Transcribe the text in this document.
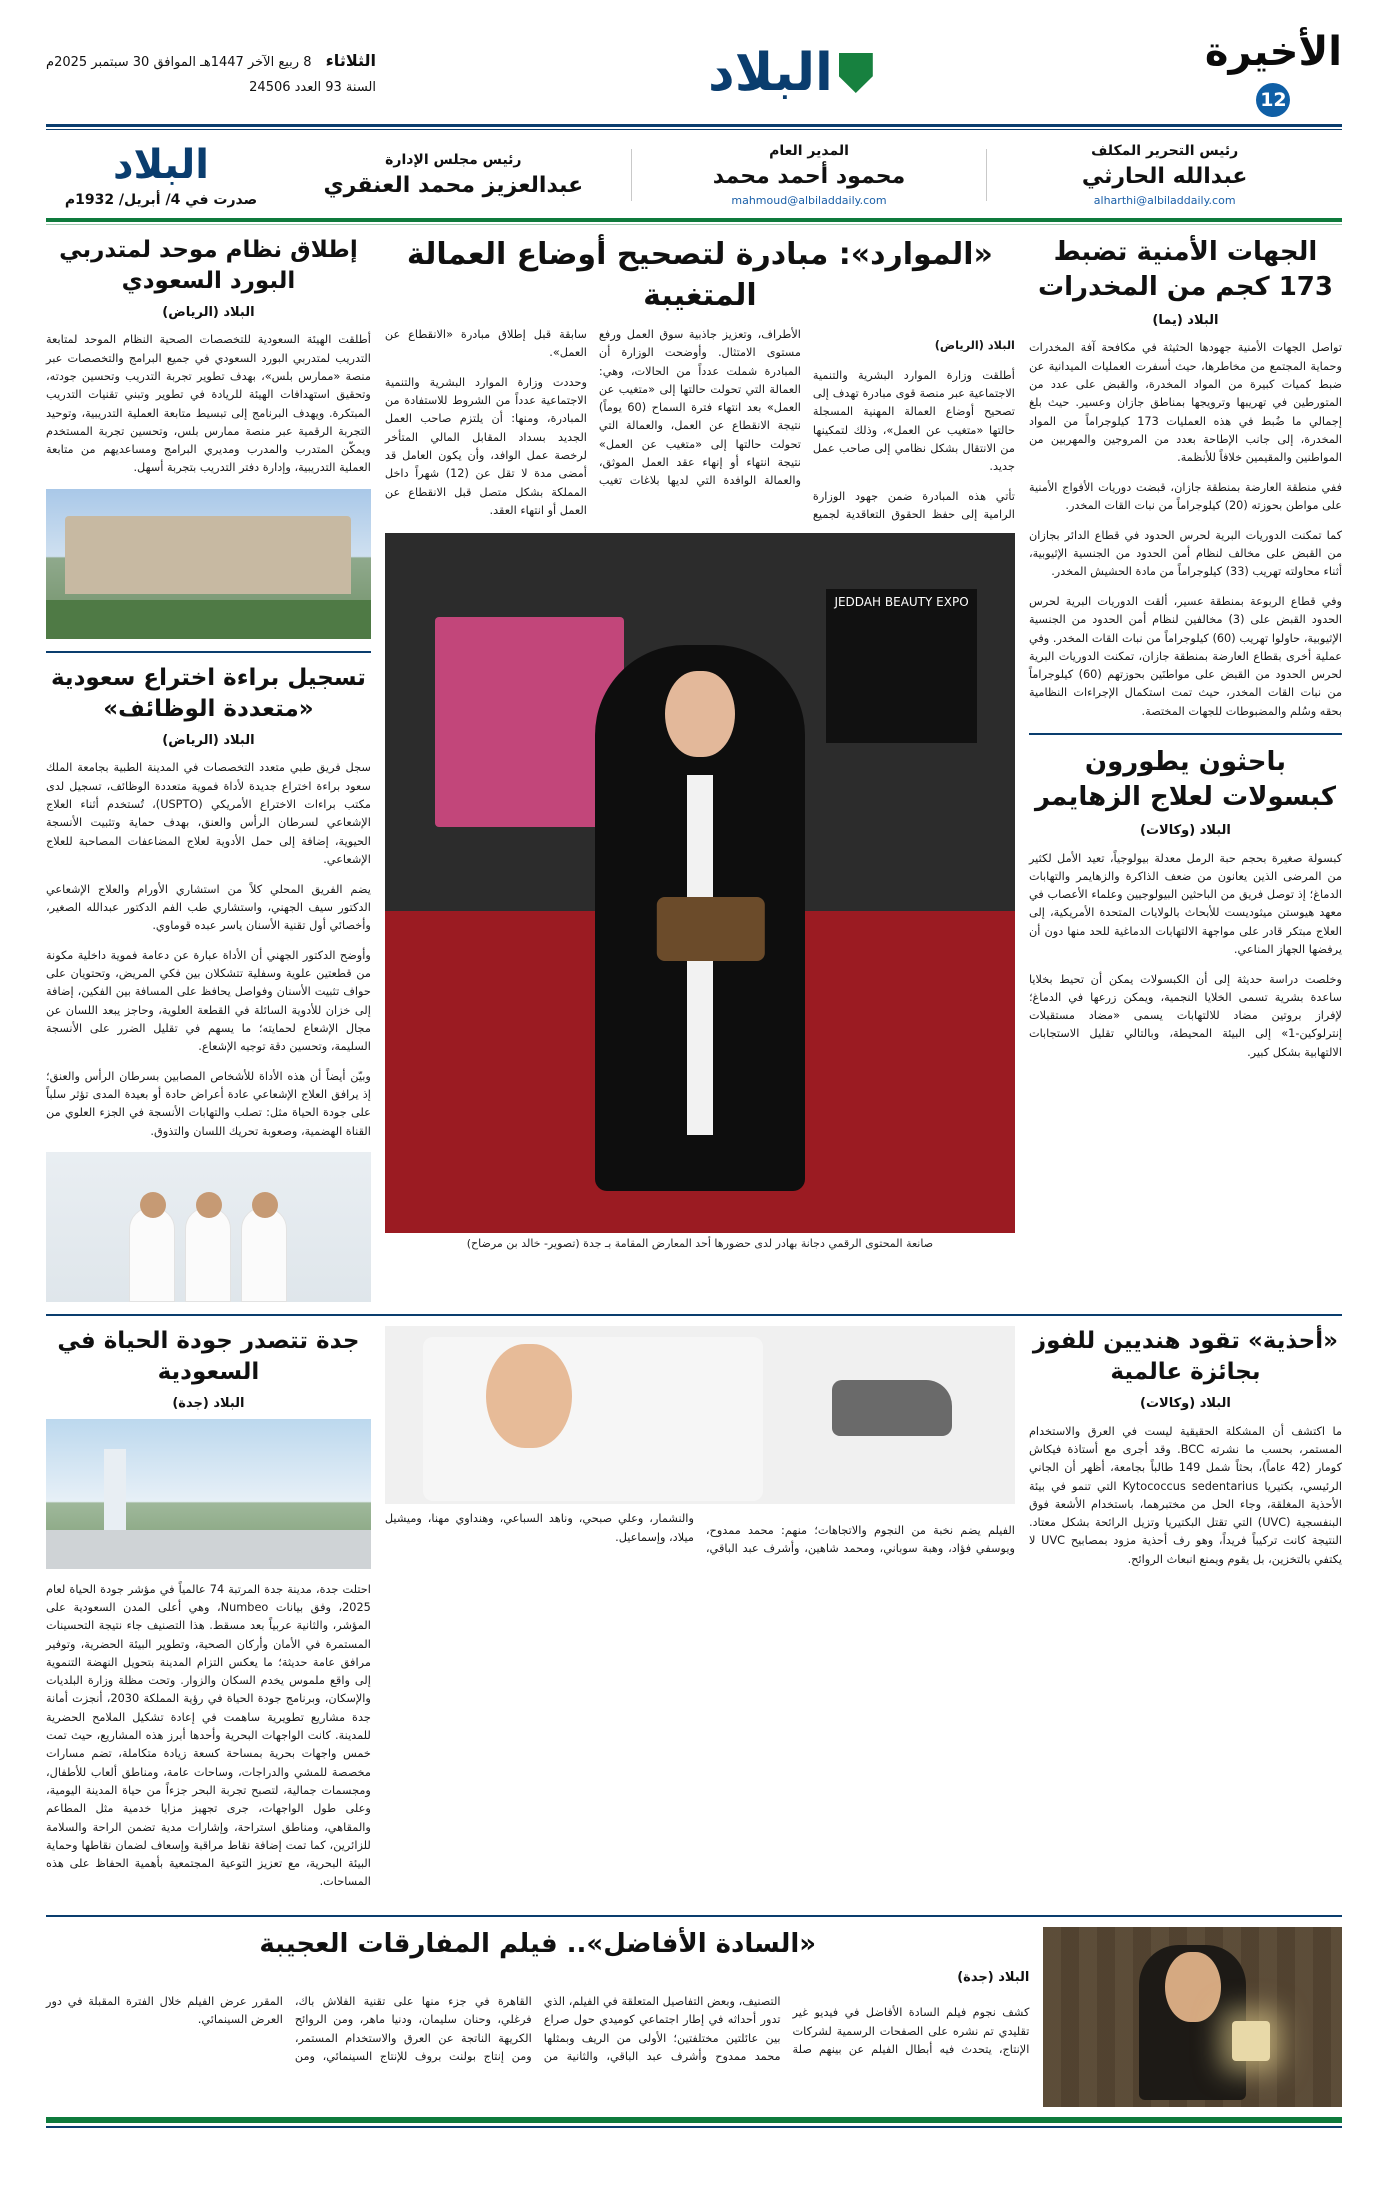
الأخيرة
12
البلاد
الثلاثاء 8 ربيع الآخر 1447هـ الموافق 30 سبتمبر 2025م
السنة 93 العدد 24506
رئيس التحرير المكلف
عبدالله الحارثي
alharthi@albiladdaily.com
المدير العام
محمود أحمد محمد
mahmoud@albiladdaily.com
رئيس مجلس الإدارة
عبدالعزيز محمد العنقري
البلاد
صدرت في 4/ أبريل/ 1932م
الجهات الأمنية تضبط 173 كجم من المخدرات
البلاد (يما)

تواصل الجهات الأمنية جهودها الحثيثة في مكافحة آفة المخدرات وحماية المجتمع من مخاطرها، حيث أسفرت العمليات الميدانية عن ضبط كميات كبيرة من المواد المخدرة، والقبض على عدد من المتورطين في تهريبها وترويجها بمناطق جازان وعسير. حيث بلغ إجمالي ما ضُبط في هذه العمليات 173 كيلوجراماً من المواد المخدرة، إلى جانب الإطاحة بعدد من المروجين والمهربين من المواطنين والمقيمين خلافاً للأنظمة.

ففي منطقة العارضة بمنطقة جازان، قبضت دوريات الأفواج الأمنية على مواطن بحوزته (20) كيلوجراماً من نبات القات المخدر.

كما تمكنت الدوريات البرية لحرس الحدود في قطاع الدائر بجازان من القبض على مخالف لنظام أمن الحدود من الجنسية الإثيوبية، أثناء محاولته تهريب (33) كيلوجراماً من مادة الحشيش المخدر.

وفي قطاع الربوعة بمنطقة عسير، ألقت الدوريات البرية لحرس الحدود القبض على (3) مخالفين لنظام أمن الحدود من الجنسية الإثيوبية، حاولوا تهريب (60) كيلوجراماً من نبات القات المخدر. وفي عملية أخرى بقطاع العارضة بمنطقة جازان، تمكنت الدوريات البرية لحرس الحدود من القبض على مواطنَين بحوزتهم (60) كيلوجراماً من نبات القات المخدر، حيث تمت استكمال الإجراءات النظامية بحقه وسُلم والمضبوطات للجهات المختصة.

باحثون يطورون كبسولات لعلاج الزهايمر
البلاد (وكالات)

كبسولة صغيرة بحجم حبة الرمل معدلة بيولوجياً، تعيد الأمل لكثير من المرضى الذين يعانون من ضعف الذاكرة والزهايمر والتهابات الدماغ؛ إذ توصل فريق من الباحثين البيولوجيين وعلماء الأعصاب في معهد هيوستن ميثوديست للأبحاث بالولايات المتحدة الأمريكية، إلى العلاج مبتكر قادر على مواجهة الالتهابات الدماغية للحد منها دون أن يرفضها الجهاز المناعي.

وخلصت دراسة حديثة إلى أن الكبسولات يمكن أن تحيط بخلايا ساعدة بشرية تسمى الخلايا النجمية، ويمكن زرعها في الدماغ؛ لإفراز بروتين مضاد للالتهابات يسمى «مضاد مستقبلات إنترلوكين-1» إلى البيئة المحيطة، وبالتالي تقليل الاستجابات الالتهابية بشكل كبير.

«الموارد»: مبادرة لتصحيح أوضاع العمالة المتغيبة

البلاد (الرياض)

أطلقت وزارة الموارد البشرية والتنمية الاجتماعية عبر منصة قوى مبادرة تهدف إلى تصحيح أوضاع العمالة المهنية المسجلة حالتها «متغيب عن العمل»، وذلك لتمكينها من الانتقال بشكل نظامي إلى صاحب عمل جديد.

تأتي هذه المبادرة ضمن جهود الوزارة الرامية إلى حفظ الحقوق التعاقدية لجميع الأطراف، وتعزيز جاذبية سوق العمل ورفع مستوى الامتثال. وأوضحت الوزارة أن المبادرة شملت عدداً من الحالات، وهي: العمالة التي تحولت حالتها إلى «متغيب عن العمل» بعد انتهاء فترة السماح (60 يوماً) نتيجة الانقطاع عن العمل، والعمالة التي تحولت حالتها إلى «متغيب عن العمل» نتيجة انتهاء أو إنهاء عقد العمل الموثق، والعمالة الوافدة التي لديها بلاغات تغيب سابقة قبل إطلاق مبادرة «الانقطاع عن العمل».

وحددت وزارة الموارد البشرية والتنمية الاجتماعية عدداً من الشروط للاستفادة من المبادرة، ومنها: أن يلتزم صاحب العمل الجديد بسداد المقابل المالي المتأخر لرخصة عمل الوافد، وأن يكون العامل قد أمضى مدة لا تقل عن (12) شهراً داخل المملكة بشكل متصل قبل الانقطاع عن العمل أو انتهاء العقد.

JEDDAH BEAUTY EXPO
صانعة المحتوى الرقمي دجانة بهادر لدى حضورها أحد المعارض المقامة بـ جدة (تصوير- خالد بن مرضاح)
إطلاق نظام موحد لمتدربي البورد السعودي
البلاد (الرياض)

أطلقت الهيئة السعودية للتخصصات الصحية النظام الموحد لمتابعة التدريب لمتدربي البورد السعودي في جميع البرامج والتخصصات عبر منصة «ممارس بلس»، بهدف تطوير تجربة التدريب وتحسين جودته، وتحقيق استهدافات الهيئة للريادة في تطوير وتبني تقنيات التدريب المبتكرة. ويهدف البرنامج إلى تبسيط متابعة العملية التدريبية، وتوحيد التجربة الرقمية عبر منصة ممارس بلس، وتحسين تجربة المستخدم ويمكّن المتدرب والمدرب ومديري البرامج ومساعديهم من متابعة العملية التدريبية، وإدارة دفتر التدريب بتجربة أسهل.

تسجيل براءة اختراع سعودية «متعددة الوظائف»
البلاد (الرياض)

سجل فريق طبي متعدد التخصصات في المدينة الطبية بجامعة الملك سعود براءة اختراع جديدة لأداة فموية متعددة الوظائف، تسجيل لدى مكتب براءات الاختراع الأمريكي (USPTO)، تُستخدم أثناء العلاج الإشعاعي لسرطان الرأس والعنق، بهدف حماية وتثبيت الأنسجة الحيوية، إضافة إلى حمل الأدوية لعلاج المضاعفات المصاحبة للعلاج الإشعاعي.

يضم الفريق المحلي كلاً من استشاري الأورام والعلاج الإشعاعي الدكتور سيف الجهني، واستشاري طب الفم الدكتور عبدالله الصغير، وأخصائي أول تقنية الأسنان ياسر عبده قوماوي.

وأوضح الدكتور الجهني أن الأداة عبارة عن دعامة فموية داخلية مكونة من قطعتين علوية وسفلية تتشكلان بين فكي المريض، وتحتويان على حواف تثبيت الأسنان وفواصل يحافظ على المسافة بين الفكين، إضافة إلى خزان للأدوية السائلة في القطعة العلوية، وحاجز يبعد اللسان عن مجال الإشعاع لحمايته؛ ما يسهم في تقليل الضرر على الأنسجة السليمة، وتحسين دقة توجيه الإشعاع.

وبيّن أيضاً أن هذه الأداة للأشخاص المصابين بسرطان الرأس والعنق؛ إذ يرافق العلاج الإشعاعي عادة أعراض حادة أو بعيدة المدى تؤثر سلباً على جودة الحياة مثل: تصلب والتهابات الأنسجة في الجزء العلوي من القناة الهضمية، وصعوبة تحريك اللسان والتذوق.

«أحذية» تقود هنديين للفوز بجائزة عالمية
البلاد (وكالات)

ما اكتشف أن المشكلة الحقيقية ليست في العرق والاستخدام المستمر، بحسب ما نشرته BCC. وقد أجرى مع أستاذة فيكاش كومار (42 عاماً)، بحثاً شمل 149 طالباً بجامعة، أظهر أن الجاني الرئيسي، بكتيريا Kytococcus sedentarius التي تنمو في بيئة الأحذية المغلقة، وجاء الحل من مختبرهما، باستخدام الأشعة فوق البنفسجية (UVC) التي تقتل البكتيريا وتزيل الرائحة بشكل معتاد. النتيجة كانت تركيباً فريداً، وهو رف أحذية مزود بمصابيح UVC لا يكتفي بالتخزين، بل يقوم ويمنع انبعاث الروائح.

الفيلم يضم نخبة من النجوم والاتجاهات؛ منهم: محمد ممدوح، ويوسفي فؤاد، وهبة سوباني، ومحمد شاهين، وأشرف عبد الباقي، والنشمار، وعلي صبحي، وناهد السباعي، وهنداوي مهنا، وميشيل ميلاد، وإسماعيل.

جدة تتصدر جودة الحياة في السعودية
البلاد (جدة)

احتلت جدة، مدينة جدة المرتبة 74 عالمياً في مؤشر جودة الحياة لعام 2025، وفق بيانات Numbeo، وهي أعلى المدن السعودية على المؤشر، والثانية عربياً بعد مسقط. هذا التصنيف جاء نتيجة التحسينات المستمرة في الأمان وأركان الصحية، وتطوير البيئة الحضرية، وتوفير مرافق عامة حديثة؛ ما يعكس التزام المدينة بتحويل النهضة التنموية إلى واقع ملموس يخدم السكان والزوار. وتحت مظلة وزارة البلديات والإسكان، وبرنامج جودة الحياة في رؤية المملكة 2030، أنجزت أمانة جدة مشاريع تطويرية ساهمت في إعادة تشكيل الملامح الحضرية للمدينة. كانت الواجهات البحرية وأحدها أبرز هذه المشاريع، حيث تمت خمس واجهات بحرية بمساحة كسعة زيادة متكاملة، تضم مسارات مخصصة للمشي والدراجات، وساحات عامة، ومناطق ألعاب للأطفال، ومجسمات جمالية، لتصبح تجربة البحر جزءاً من حياة المدينة اليومية، وعلى طول الواجهات، جرى تجهيز مزايا خدمية مثل المطاعم والمقاهي، ومناطق استراحة، وإشارات مدية تضمن الراحة والسلامة للزائرين، كما تمت إضافة نقاط مراقبة وإسعاف لضمان نقاطها وحماية البيئة البحرية، مع تعزيز التوعية المجتمعية بأهمية الحفاظ على هذه المساحات.

«السادة الأفاضل».. فيلم المفارقات العجيبة
البلاد (جدة)

كشف نجوم فيلم السادة الأفاضل في فيديو غير تقليدي تم نشره على الصفحات الرسمية لشركات الإنتاج، يتحدث فيه أبطال الفيلم عن بينهم صلة التصنيف، وبعض التفاصيل المتعلقة في الفيلم، الذي تدور أحداثه في إطار اجتماعي كوميدي حول صراع بين عائلتين مختلفتين؛ الأولى من الريف وبمثلها محمد ممدوح وأشرف عبد الباقي، والثانية من القاهرة في جزء منها على تقنية الفلاش باك، فرغلي، وحنان سليمان، ودنيا ماهر، ومن الروائح الكريهة الناتجة عن العرق والاستخدام المستمر، ومن إنتاج بولنت بروف للإنتاج السينمائي، ومن المقرر عرض الفيلم خلال الفترة المقبلة في دور العرض السينمائي.
